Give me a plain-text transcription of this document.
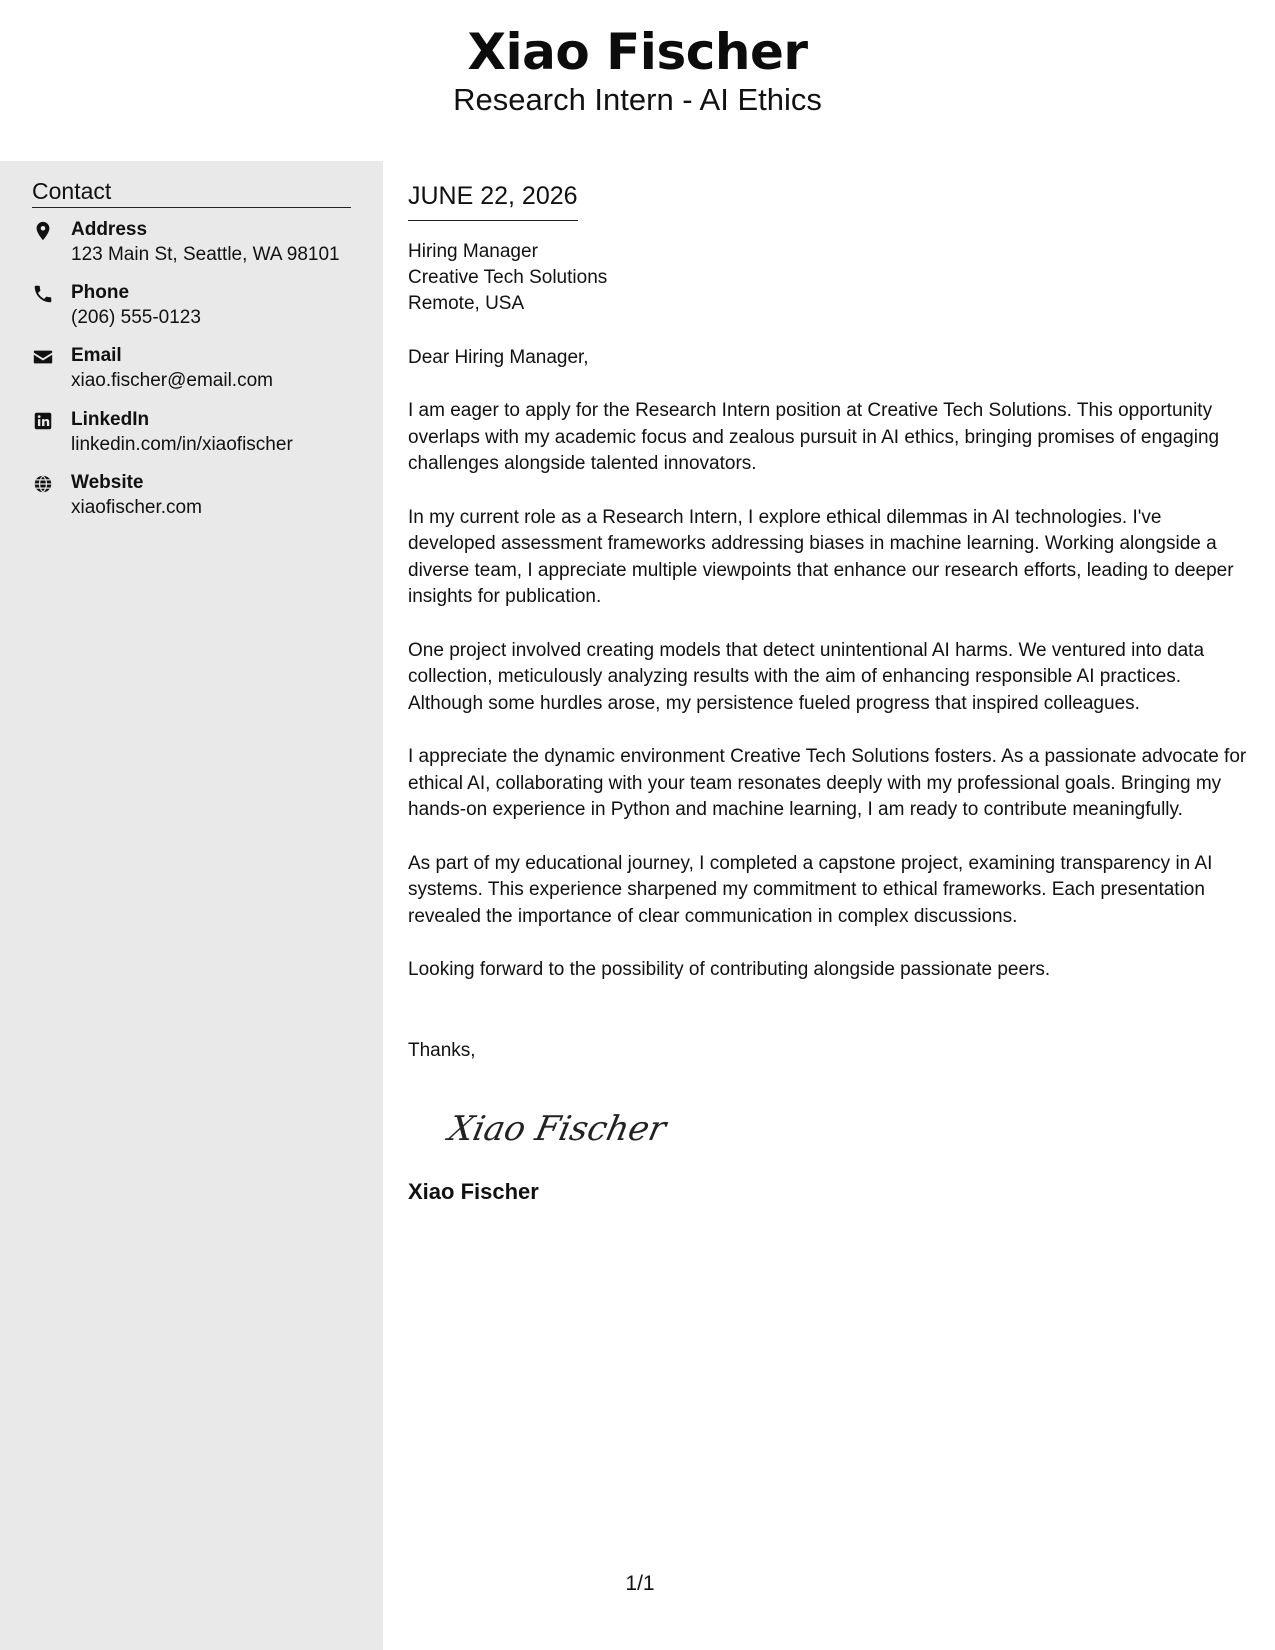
Xiao Fischer
Research Intern - AI Ethics
Contact
Address
123 Main St, Seattle, WA 98101
Phone
(206) 555-0123
Email
xiao.fischer@email.com
LinkedIn
linkedin.com/in/xiaofischer
Website
xiaofischer.com
JUNE 22, 2026
Hiring Manager
Creative Tech Solutions
Remote, USA
Dear Hiring Manager,
I am eager to apply for the Research Intern position at Creative Tech Solutions. This opportunity overlaps with my academic focus and zealous pursuit in AI ethics, bringing promises of engaging challenges alongside talented innovators.
In my current role as a Research Intern, I explore ethical dilemmas in AI technologies. I've developed assessment frameworks addressing biases in machine learning. Working alongside a diverse team, I appreciate multiple viewpoints that enhance our research efforts, leading to deeper insights for publication.
One project involved creating models that detect unintentional AI harms. We ventured into data collection, meticulously analyzing results with the aim of enhancing responsible AI practices. Although some hurdles arose, my persistence fueled progress that inspired colleagues.
I appreciate the dynamic environment Creative Tech Solutions fosters. As a passionate advocate for ethical AI, collaborating with your team resonates deeply with my professional goals. Bringing my hands-on experience in Python and machine learning, I am ready to contribute meaningfully.
As part of my educational journey, I completed a capstone project, examining transparency in AI systems. This experience sharpened my commitment to ethical frameworks. Each presentation revealed the importance of clear communication in complex discussions.
Looking forward to the possibility of contributing alongside passionate peers.
Thanks,
Xiao Fischer
Xiao Fischer
1/1
